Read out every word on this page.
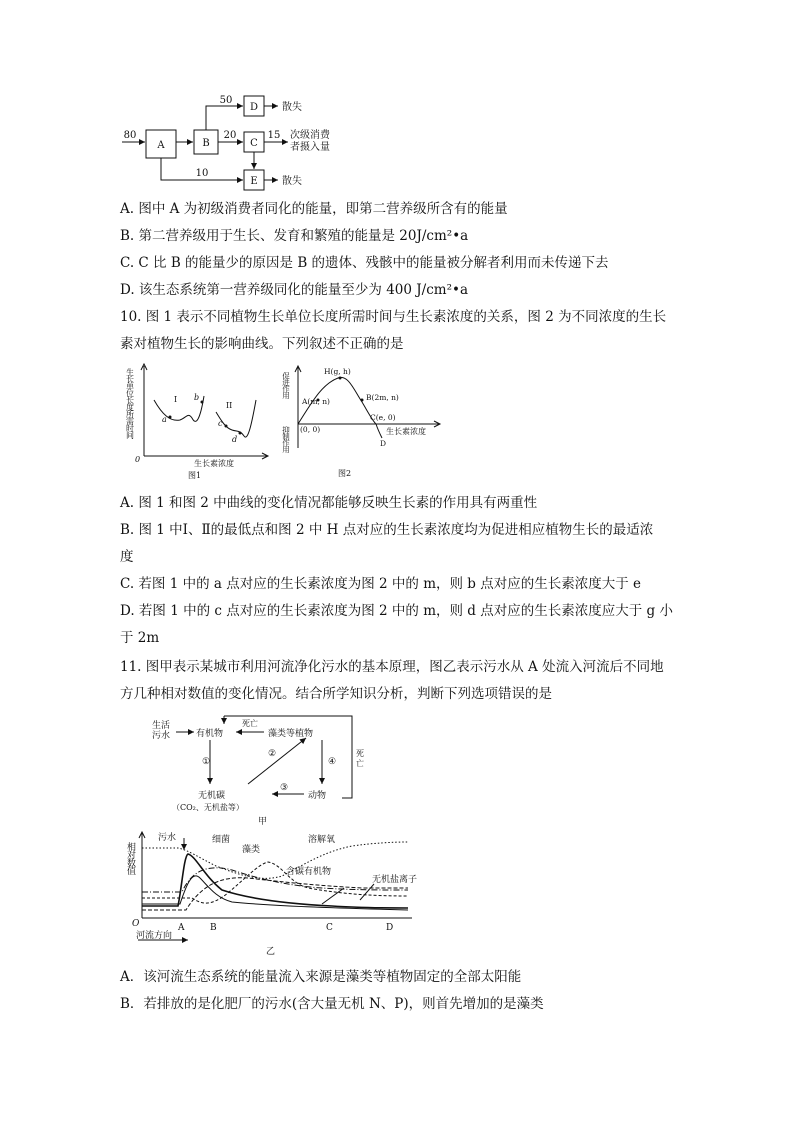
A	B	C
D
E
80
50
20	15
10
散失
散失
次级消费者摄入量
A. 图中 A 为初级消费者同化的能量，即第二营养级所含有的能量
B. 第二营养级用于生长、发育和繁殖的能量是 20J/cm²•a
C. C 比 B 的能量少的原因是 B 的遗体、残骸中的能量被分解者利用而未传递下去
D. 该生态系统第一营养级同化的能量至少为 400 J/cm²•a
10. 图 1 表示不同植物生长单位长度所需时间与生长素浓度的关系，图 2 为不同浓度的生长
素对植物生长的影响曲线。下列叙述不正确的是
生长单位长度所需时间
0	生长素浓度
I
II
a
b
c
d
图1
促进作用
抑制作用
H(g, h)
A(m, n)	B(2m, n)
C(e, 0)
(0, 0)
D
生长素浓度
图2
A. 图 1 和图 2 中曲线的变化情况都能够反映生长素的作用具有两重性
B. 图 1 中Ⅰ、Ⅱ的最低点和图 2 中 H 点对应的生长素浓度均为促进相应植物生长的最适浓
度
C. 若图 1 中的 a 点对应的生长素浓度为图 2 中的 m，则 b 点对应的生长素浓度大于 e
D. 若图 1 中的 c 点对应的生长素浓度为图 2 中的 m，则 d 点对应的生长素浓度应大于 g 小
于 2m
11. 图甲表示某城市利用河流净化污水的基本原理，图乙表示污水从 A 处流入河流后不同地
方几种相对数值的变化情况。结合所学知识分析，判断下列选项错误的是
生活污水	有机物	藻类等植物
死亡
死亡
①
②
③
④
无机碳
（CO₂、无机盐等）
动物
甲
相对数值
O	A	B	C	D
河流方向
污水	细菌
藻类
溶解氧
含碳有机物
无机盐离子
乙
A．该河流生态系统的能量流入来源是藻类等植物固定的全部太阳能
B．若排放的是化肥厂的污水(含大量无机 N、P)，则首先增加的是藻类
